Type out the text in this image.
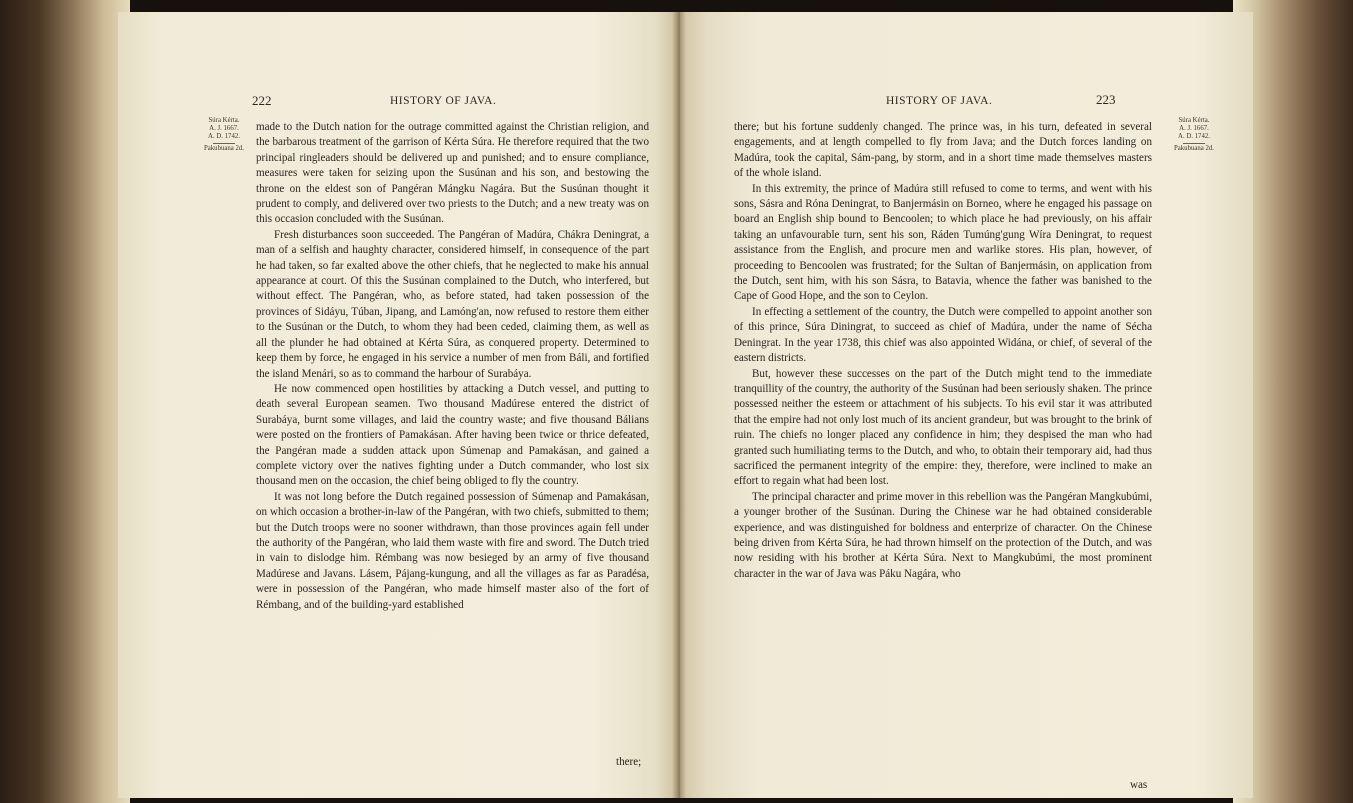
222	HISTORY OF JAVA.
Súra Kérta.
A. J. 1667.
A. D. 1742.
Pakubuana 2d.

made to the Dutch nation for the outrage committed against the Christian religion, and the barbarous treatment of the garrison of Kérta Súra. He therefore required that the two principal ringleaders should be delivered up and punished; and to ensure compliance, measures were taken for seizing upon the Susúnan and his son, and bestowing the throne on the eldest son of Pangéran Mángku Nagára. But the Susúnan thought it prudent to comply, and delivered over two priests to the Dutch; and a new treaty was on this occasion concluded with the Susúnan.

Fresh disturbances soon succeeded. The Pangéran of Madúra, Chákra Deningrat, a man of a selfish and haughty character, considered himself, in consequence of the part he had taken, so far exalted above the other chiefs, that he neglected to make his annual appearance at court. Of this the Susúnan complained to the Dutch, who interfered, but without effect. The Pangéran, who, as before stated, had taken possession of the provinces of Sidáyu, Túban, Jipang, and Lamóng'an, now refused to restore them either to the Susúnan or the Dutch, to whom they had been ceded, claiming them, as well as all the plunder he had obtained at Kérta Súra, as conquered property. Determined to keep them by force, he engaged in his service a number of men from Báli, and fortified the island Menári, so as to command the harbour of Surabáya.

He now commenced open hostilities by attacking a Dutch vessel, and putting to death several European seamen. Two thousand Madúrese entered the district of Surabáya, burnt some villages, and laid the country waste; and five thousand Bálians were posted on the frontiers of Pamakásan. After having been twice or thrice defeated, the Pangéran made a sudden attack upon Súmenap and Pamakásan, and gained a complete victory over the natives fighting under a Dutch commander, who lost six thousand men on the occasion, the chief being obliged to fly the country.

It was not long before the Dutch regained possession of Súmenap and Pamakásan, on which occasion a brother-in-law of the Pangéran, with two chiefs, submitted to them; but the Dutch troops were no sooner withdrawn, than those provinces again fell under the authority of the Pangéran, who laid them waste with fire and sword. The Dutch tried in vain to dislodge him. Rémbang was now besieged by an army of five thousand Madúrese and Javans. Lásem, Pájang-kungung, and all the villages as far as Paradésa, were in possession of the Pangéran, who made himself master also of the fort of Rémbang, and of the building-yard established

there;
HISTORY OF JAVA.	223
Súra Kérta.
A. J. 1667.
A. D. 1742.
Pakubuana 2d.

there; but his fortune suddenly changed. The prince was, in his turn, defeated in several engagements, and at length compelled to fly from Java; and the Dutch forces landing on Madúra, took the capital, Sám-pang, by storm, and in a short time made themselves masters of the whole island.

In this extremity, the prince of Madúra still refused to come to terms, and went with his sons, Sásra and Róna Deningrat, to Banjermásin on Borneo, where he engaged his passage on board an English ship bound to Bencoolen; to which place he had previously, on his affair taking an unfavourable turn, sent his son, Ráden Tumúng'gung Wíra Deningrat, to request assistance from the English, and procure men and warlike stores. His plan, however, of proceeding to Bencoolen was frustrated; for the Sultan of Banjermásin, on application from the Dutch, sent him, with his son Sásra, to Batavia, whence the father was banished to the Cape of Good Hope, and the son to Ceylon.

In effecting a settlement of the country, the Dutch were compelled to appoint another son of this prince, Súra Diningrat, to succeed as chief of Madúra, under the name of Sécha Deningrat. In the year 1738, this chief was also appointed Widána, or chief, of several of the eastern districts.

But, however these successes on the part of the Dutch might tend to the immediate tranquillity of the country, the authority of the Susúnan had been seriously shaken. The prince possessed neither the esteem or attachment of his subjects. To his evil star it was attributed that the empire had not only lost much of its ancient grandeur, but was brought to the brink of ruin. The chiefs no longer placed any confidence in him; they despised the man who had granted such humiliating terms to the Dutch, and who, to obtain their temporary aid, had thus sacrificed the permanent integrity of the empire: they, therefore, were inclined to make an effort to regain what had been lost.

The principal character and prime mover in this rebellion was the Pangéran Mangkubúmi, a younger brother of the Susúnan. During the Chinese war he had obtained considerable experience, and was distinguished for boldness and enterprize of character. On the Chinese being driven from Kérta Súra, he had thrown himself on the protection of the Dutch, and was now residing with his brother at Kérta Súra. Next to Mangkubúmi, the most prominent character in the war of Java was Páku Nagára, who

was
